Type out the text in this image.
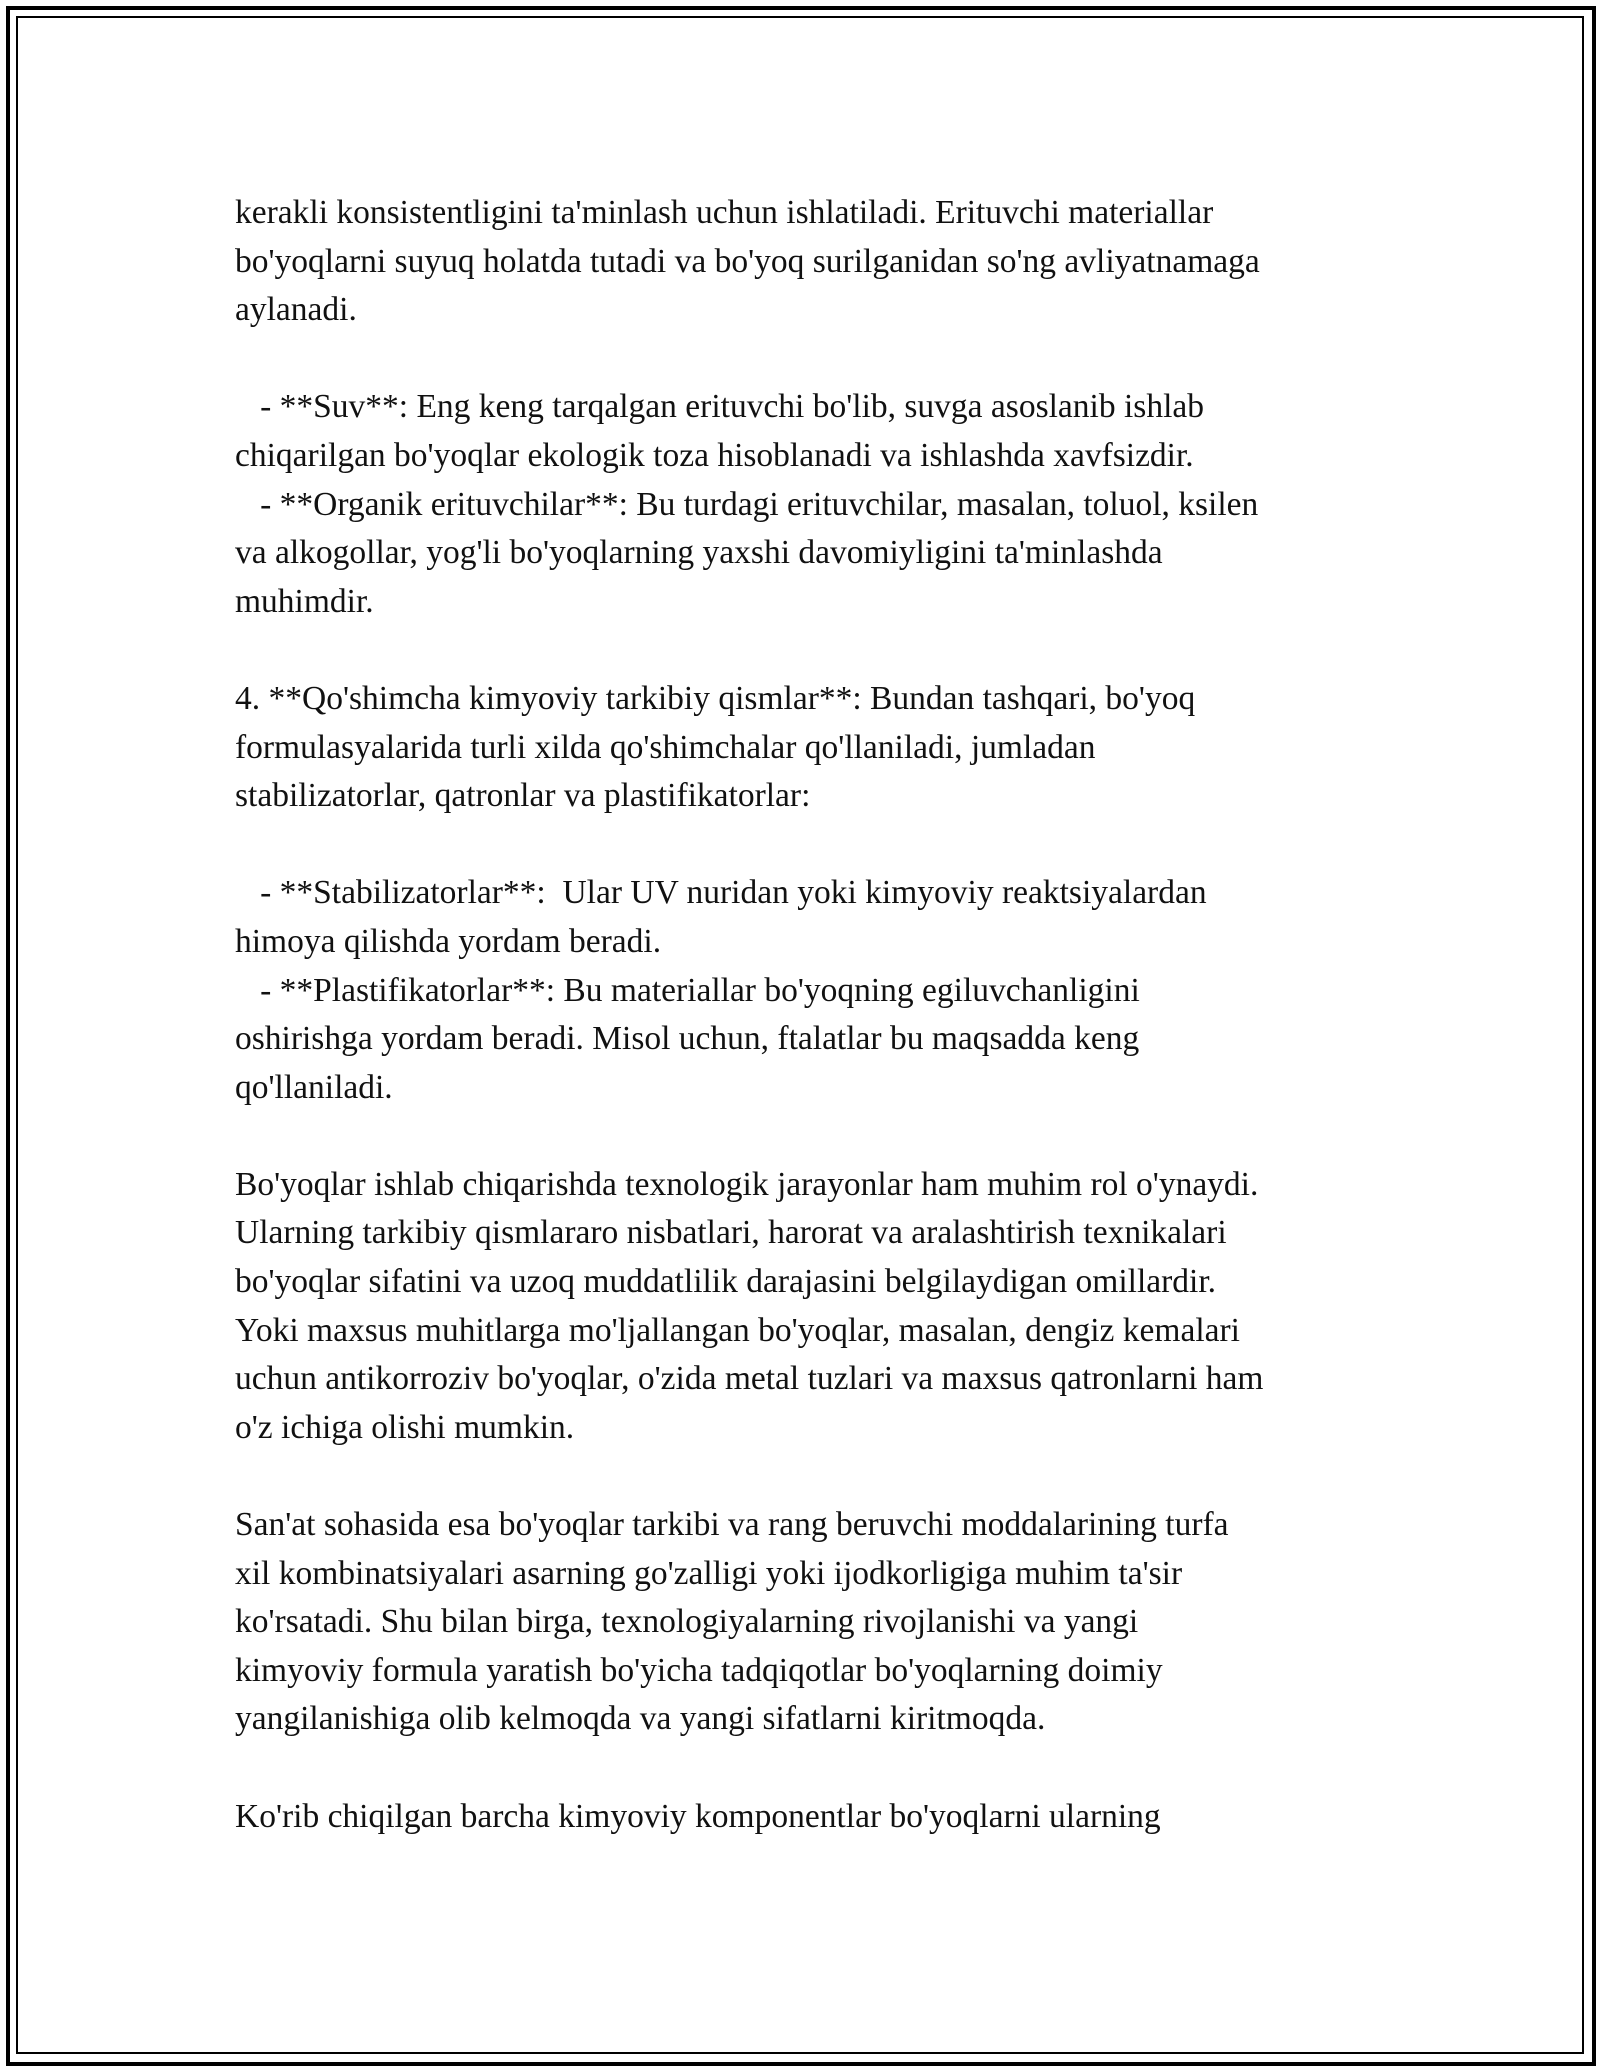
kerakli konsistentligini ta'minlash uchun ishlatiladi. Erituvchi materiallar
bo'yoqlarni suyuq holatda tutadi va bo'yoq surilganidan so'ng avliyatnamaga
aylanadi.
- **Suv**: Eng keng tarqalgan erituvchi bo'lib, suvga asoslanib ishlab
chiqarilgan bo'yoqlar ekologik toza hisoblanadi va ishlashda xavfsizdir.
- **Organik erituvchilar**: Bu turdagi erituvchilar, masalan, toluol, ksilen
va alkogollar, yog'li bo'yoqlarning yaxshi davomiyligini ta'minlashda
muhimdir.
4. **Qo'shimcha kimyoviy tarkibiy qismlar**: Bundan tashqari, bo'yoq
formulasyalarida turli xilda qo'shimchalar qo'llaniladi, jumladan
stabilizatorlar, qatronlar va plastifikatorlar:
- **Stabilizatorlar**:  Ular UV nuridan yoki kimyoviy reaktsiyalardan
himoya qilishda yordam beradi.
- **Plastifikatorlar**: Bu materiallar bo'yoqning egiluvchanligini
oshirishga yordam beradi. Misol uchun, ftalatlar bu maqsadda keng
qo'llaniladi.
Bo'yoqlar ishlab chiqarishda texnologik jarayonlar ham muhim rol o'ynaydi.
Ularning tarkibiy qismlararo nisbatlari, harorat va aralashtirish texnikalari
bo'yoqlar sifatini va uzoq muddatlilik darajasini belgilaydigan omillardir.
Yoki maxsus muhitlarga mo'ljallangan bo'yoqlar, masalan, dengiz kemalari
uchun antikorroziv bo'yoqlar, o'zida metal tuzlari va maxsus qatronlarni ham
o'z ichiga olishi mumkin.
San'at sohasida esa bo'yoqlar tarkibi va rang beruvchi moddalarining turfa
xil kombinatsiyalari asarning go'zalligi yoki ijodkorligiga muhim ta'sir
ko'rsatadi. Shu bilan birga, texnologiyalarning rivojlanishi va yangi
kimyoviy formula yaratish bo'yicha tadqiqotlar bo'yoqlarning doimiy
yangilanishiga olib kelmoqda va yangi sifatlarni kiritmoqda.
Ko'rib chiqilgan barcha kimyoviy komponentlar bo'yoqlarni ularning
